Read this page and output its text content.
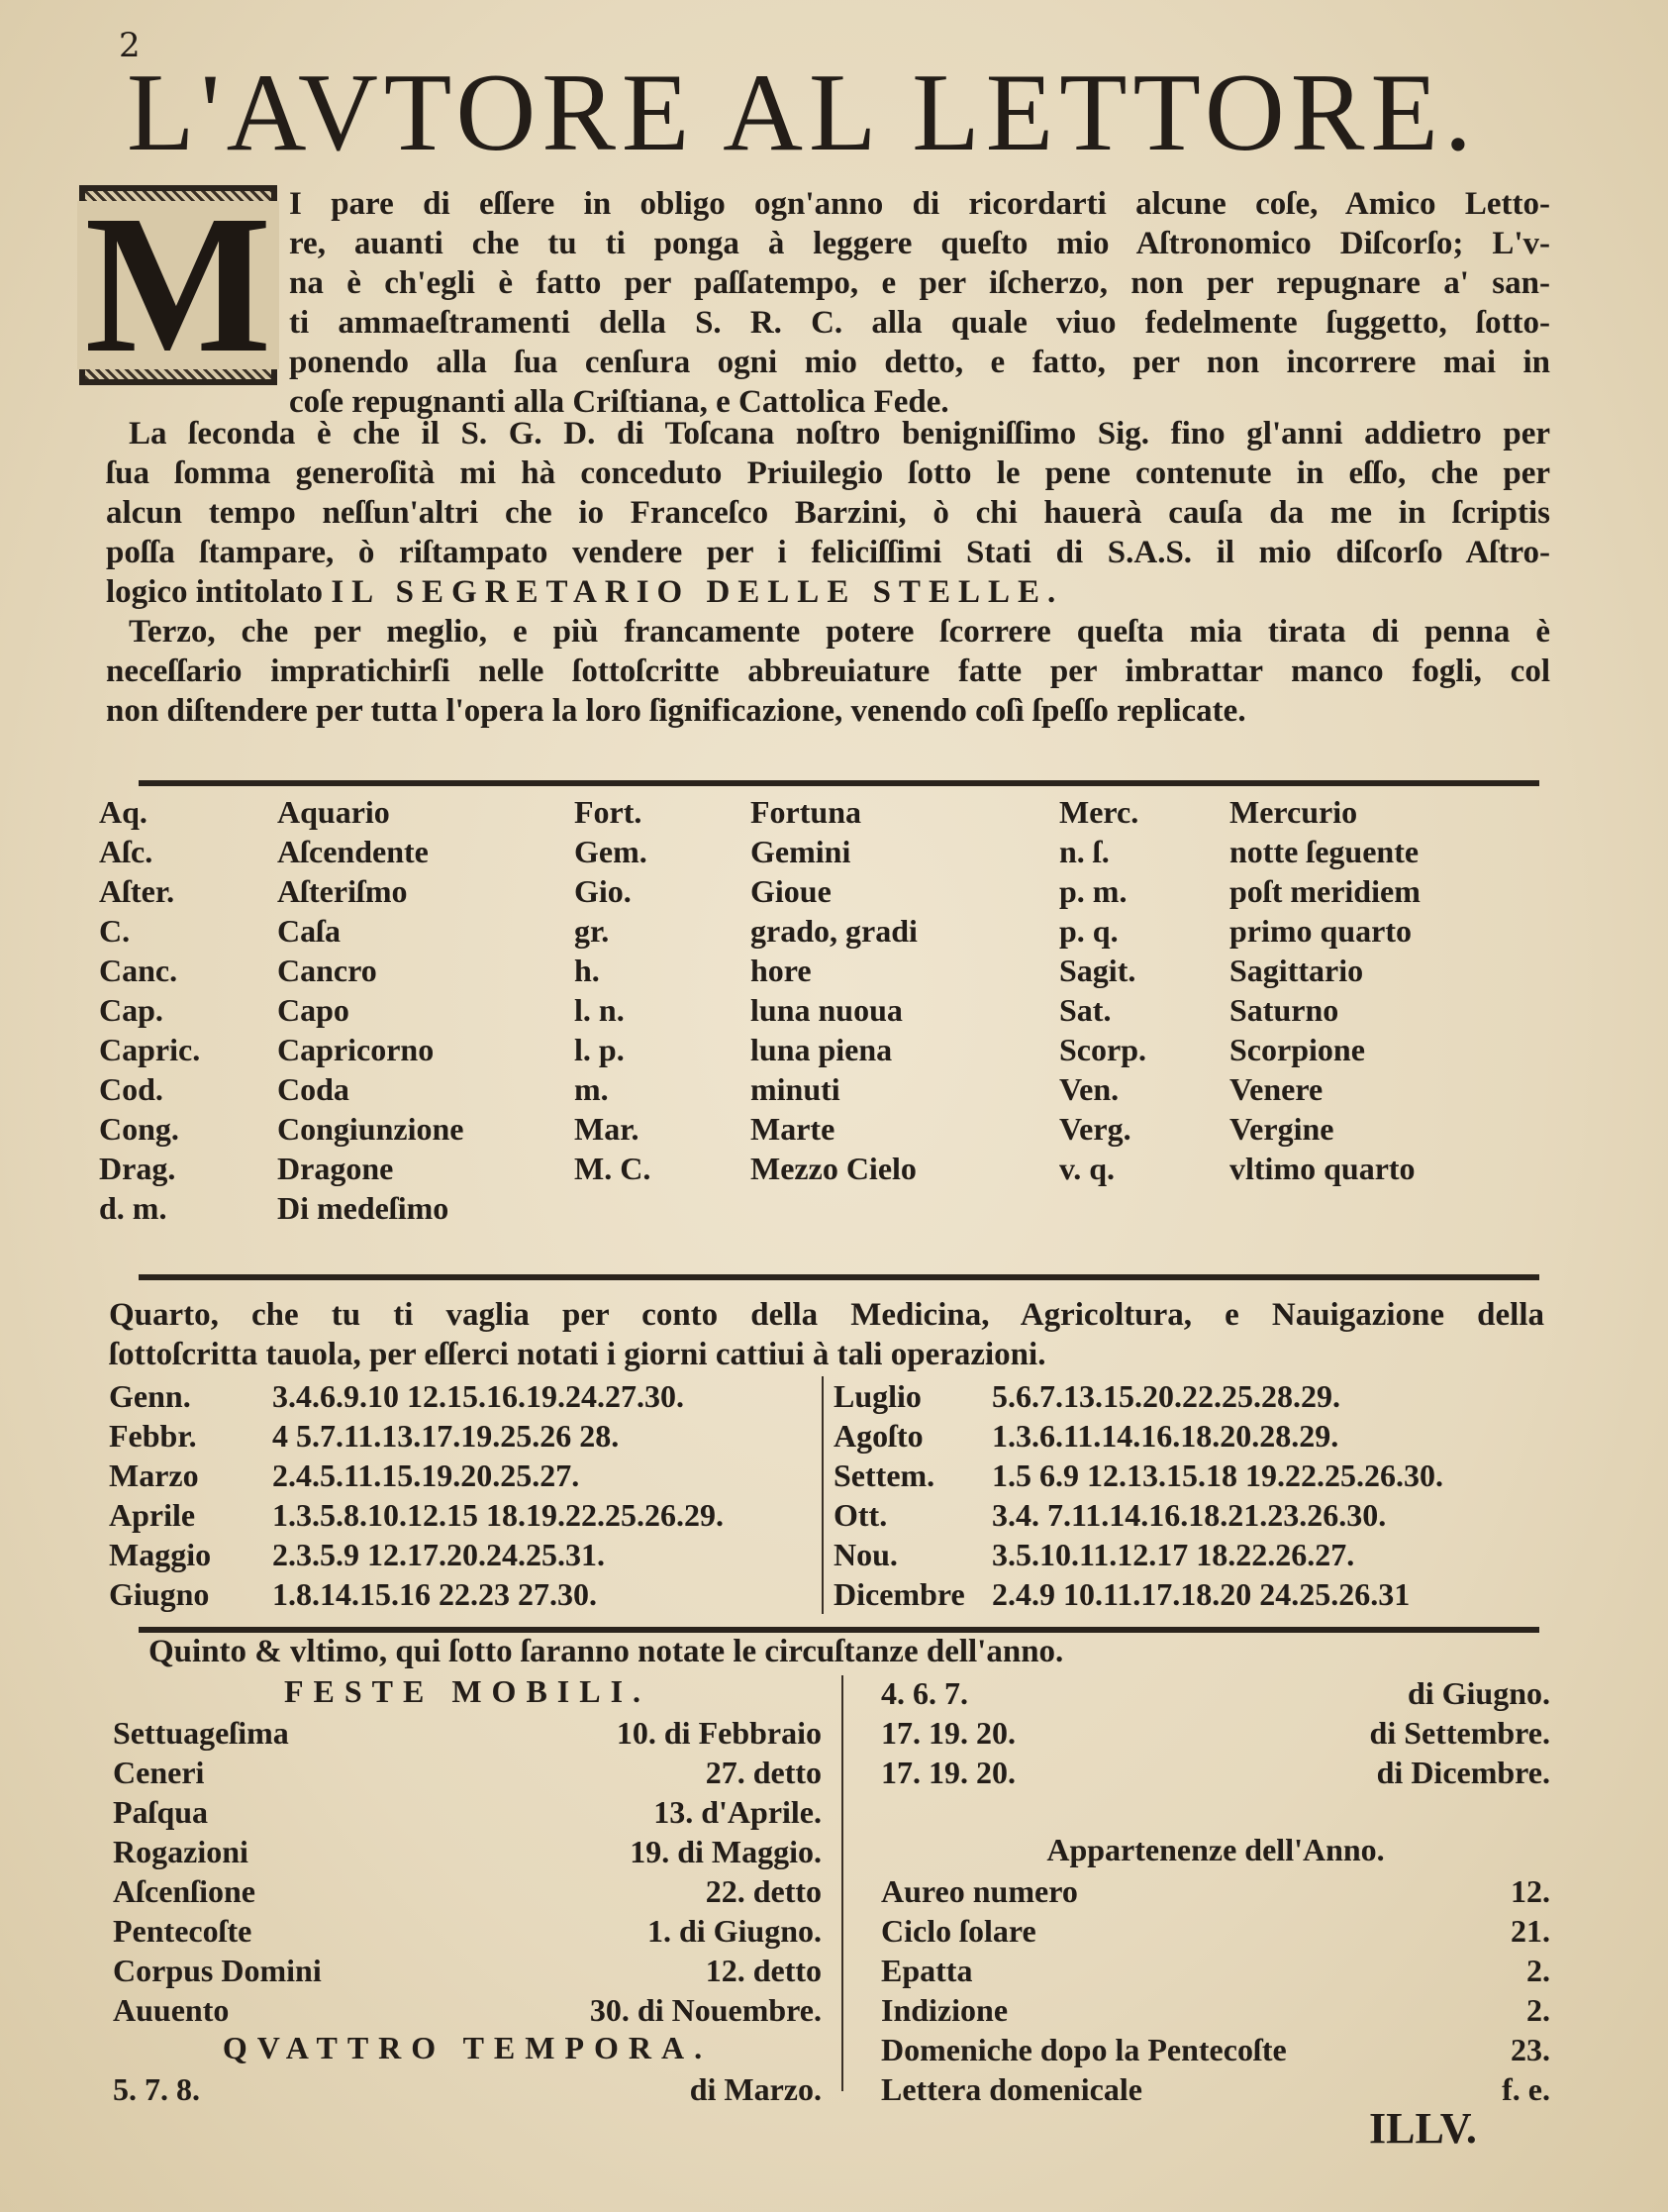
2
L'AVTORE AL LETTORE.
M I pare di eſſere in obligo ogn'anno di ricordarti alcune coſe, Amico Letto-
re, auanti che tu ti ponga à leggere queſto mio Aſtronomico Diſcorſo; L'v-
na è ch'egli è fatto per paſſatempo, e per iſcherzo, non per repugnare a' san-
ti ammaeſtramenti della S. R. C. alla quale viuo fedelmente ſuggetto, ſotto-
ponendo alla ſua cenſura ogni mio detto, e fatto, per non incorrere mai in
coſe repugnanti alla Criſtiana, e Cattolica Fede.
La ſeconda è che il S. G. D. di Toſcana noſtro benigniſſimo Sig. fino gl'anni addietro per
ſua ſomma generoſità mi hà conceduto Priuilegio ſotto le pene contenute in eſſo, che per
alcun tempo neſſun'altri che io Franceſco Barzini, ò chi hauerà cauſa da me in ſcriptis
poſſa ſtampare, ò riſtampato vendere per i feliciſſimi Stati di S.A.S. il mio diſcorſo Aſtro-
logico intitolato IL SEGRETARIO DELLE STELLE.
Terzo, che per meglio, e più francamente potere ſcorrere queſta mia tirata di penna è
neceſſario impratichirſi nelle ſottoſcritte abbreuiature fatte per imbrattar manco fogli, col
non diſtendere per tutta l'opera la loro ſignificazione, venendo coſì ſpeſſo replicate.
Aq.	Aquario	Fort.	Fortuna	Merc.	Mercurio
Aſc.	Aſcendente	Gem.	Gemini	n. ſ.	notte ſeguente
Aſter.	Aſteriſmo	Gio.	Gioue	p. m.	poſt meridiem
C.	Caſa	gr.	grado, gradi	p. q.	primo quarto
Canc.	Cancro	h.	hore	Sagit.	Sagittario
Cap.	Capo	l. n.	luna nuoua	Sat.	Saturno
Capric.	Capricorno	l. p.	luna piena	Scorp.	Scorpione
Cod.	Coda	m.	minuti	Ven.	Venere
Cong.	Congiunzione	Mar.	Marte	Verg.	Vergine
Drag.	Dragone	M. C.	Mezzo Cielo	v. q.	vltimo quarto
d. m.	Di medeſimo
Quarto, che tu ti vaglia per conto della Medicina, Agricoltura, e Nauigazione della
ſottoſcritta tauola, per eſſerci notati i giorni cattiui à tali operazioni.
Genn.	3.4.6.9.10 12.15.16.19.24.27.30.
Febbr.	4 5.7.11.13.17.19.25.26 28.
Marzo	2.4.5.11.15.19.20.25.27.
Aprile	1.3.5.8.10.12.15 18.19.22.25.26.29.
Maggio	2.3.5.9 12.17.20.24.25.31.
Giugno	1.8.14.15.16 22.23 27.30.
Luglio	5.6.7.13.15.20.22.25.28.29.
Agoſto	1.3.6.11.14.16.18.20.28.29.
Settem.	1.5 6.9 12.13.15.18 19.22.25.26.30.
Ott.	3.4. 7.11.14.16.18.21.23.26.30.
Nou.	3.5.10.11.12.17 18.22.26.27.
Dicembre 2.4.9 10.11.17.18.20 24.25.26.31
Quinto & vltimo, qui ſotto ſaranno notate le circuſtanze dell'anno.
FESTE MOBILI.
Settuageſima	10. di Febbraio
Ceneri	27. detto
Paſqua	13. d'Aprile.
Rogazioni	19. di Maggio.
Aſcenſione	22. detto
Pentecoſte	1. di Giugno.
Corpus Domini	12. detto
Auuento	30. di Nouembre.
QVATTRO TEMPORA.
5. 7. 8.	di Marzo.
4. 6. 7.	di Giugno.
17. 19. 20.	di Settembre.
17. 19. 20.	di Dicembre.
Appartenenze dell'Anno.
Aureo numero	12.
Ciclo ſolare	21.
Epatta	2.
Indizione	2.
Domeniche dopo la Pentecoſte	23.
Lettera domenicale	f. e.
ILLV.
